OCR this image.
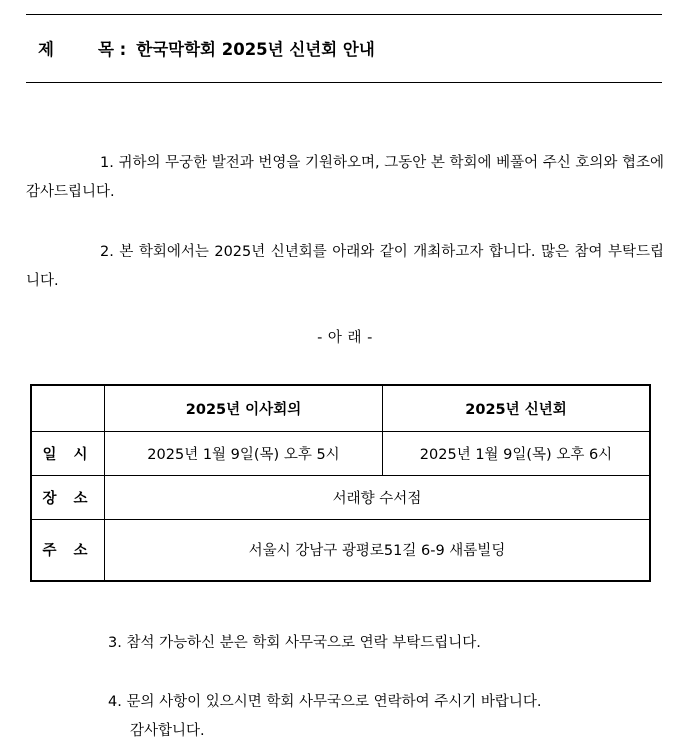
제	목 : 한국막학회 2025년 신년회 안내

1. 귀하의 무궁한 발전과 번영을 기원하오며, 그동안 본 학회에 베풀어 주신 호의와 협조에 감사드립니다.

2. 본 학회에서는 2025년 신년회를 아래와 같이 개최하고자 합니다. 많은 참여 부탁드립니다.

- 아 래 -
	2025년 이사회의	2025년 신년회
일 시	2025년 1월 9일(목) 오후 5시	2025년 1월 9일(목) 오후 6시
장 소	서래향 수서점	
주 소	서울시 강남구 광평로51길 6-9 새롬빌딩	

3. 참석 가능하신 분은 학회 사무국으로 연락 부탁드립니다.

4. 문의 사항이 있으시면 학회 사무국으로 연락하여 주시기 바랍니다.

감사합니다.
